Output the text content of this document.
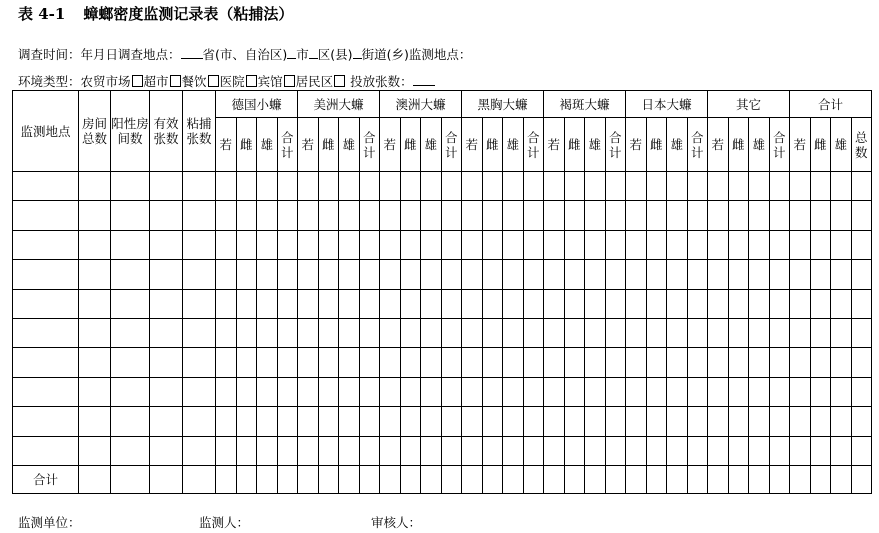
表 4-1 蟑螂密度监测记录表（粘捕法）
调查时间：年月日调查地点： 省(市、自治区) 市 区(县) 街道(乡)监测地点：
环境类型：农贸市场 超市 餐饮 医院 宾馆 居民区 投放张数：
监测地点	房间总数	阳性房间数	有效张数	粘捕张数	德国小蠊				美洲大蠊				澳洲大蠊				黑胸大蠊				褐斑大蠊				日本大蠊				其它				合计			
					若	雌	雄	合计	若	雌	雄	合计	若	雌	雄	合计	若	雌	雄	合计	若	雌	雄	合计	若	雌	雄	合计	若	雌	雄	合计	若	雌	雄	总数

合计																																				
监测单位：	监测人：	审核人：
